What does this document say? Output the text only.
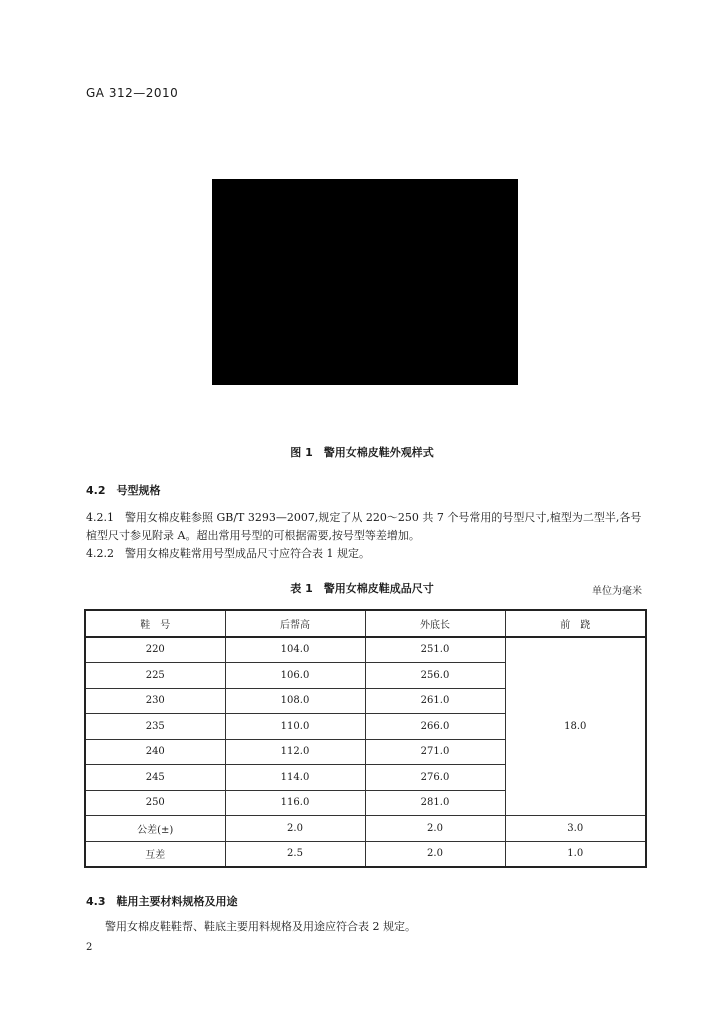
GA 312—2010
图 1　警用女棉皮鞋外观样式
4.2　号型规格
4.2.1　警用女棉皮鞋参照 GB/T 3293—2007,规定了从 220～250 共 7 个号常用的号型尺寸,楦型为二型半,各号楦型尺寸参见附录 A。超出常用号型的可根据需要,按号型等差增加。
4.2.2　警用女棉皮鞋常用号型成品尺寸应符合表 1 规定。
表 1　警用女棉皮鞋成品尺寸	单位为毫米
鞋　号	后帮高	外底长	前　跷
220	104.0	251.0	18.0
225	106.0	256.0	
230	108.0	261.0	
235	110.0	266.0	
240	112.0	271.0	
245	114.0	276.0	
250	116.0	281.0	
公差(±)	2.0	2.0	3.0
互差	2.5	2.0	1.0
4.3　鞋用主要材料规格及用途
警用女棉皮鞋鞋帮、鞋底主要用料规格及用途应符合表 2 规定。
2
